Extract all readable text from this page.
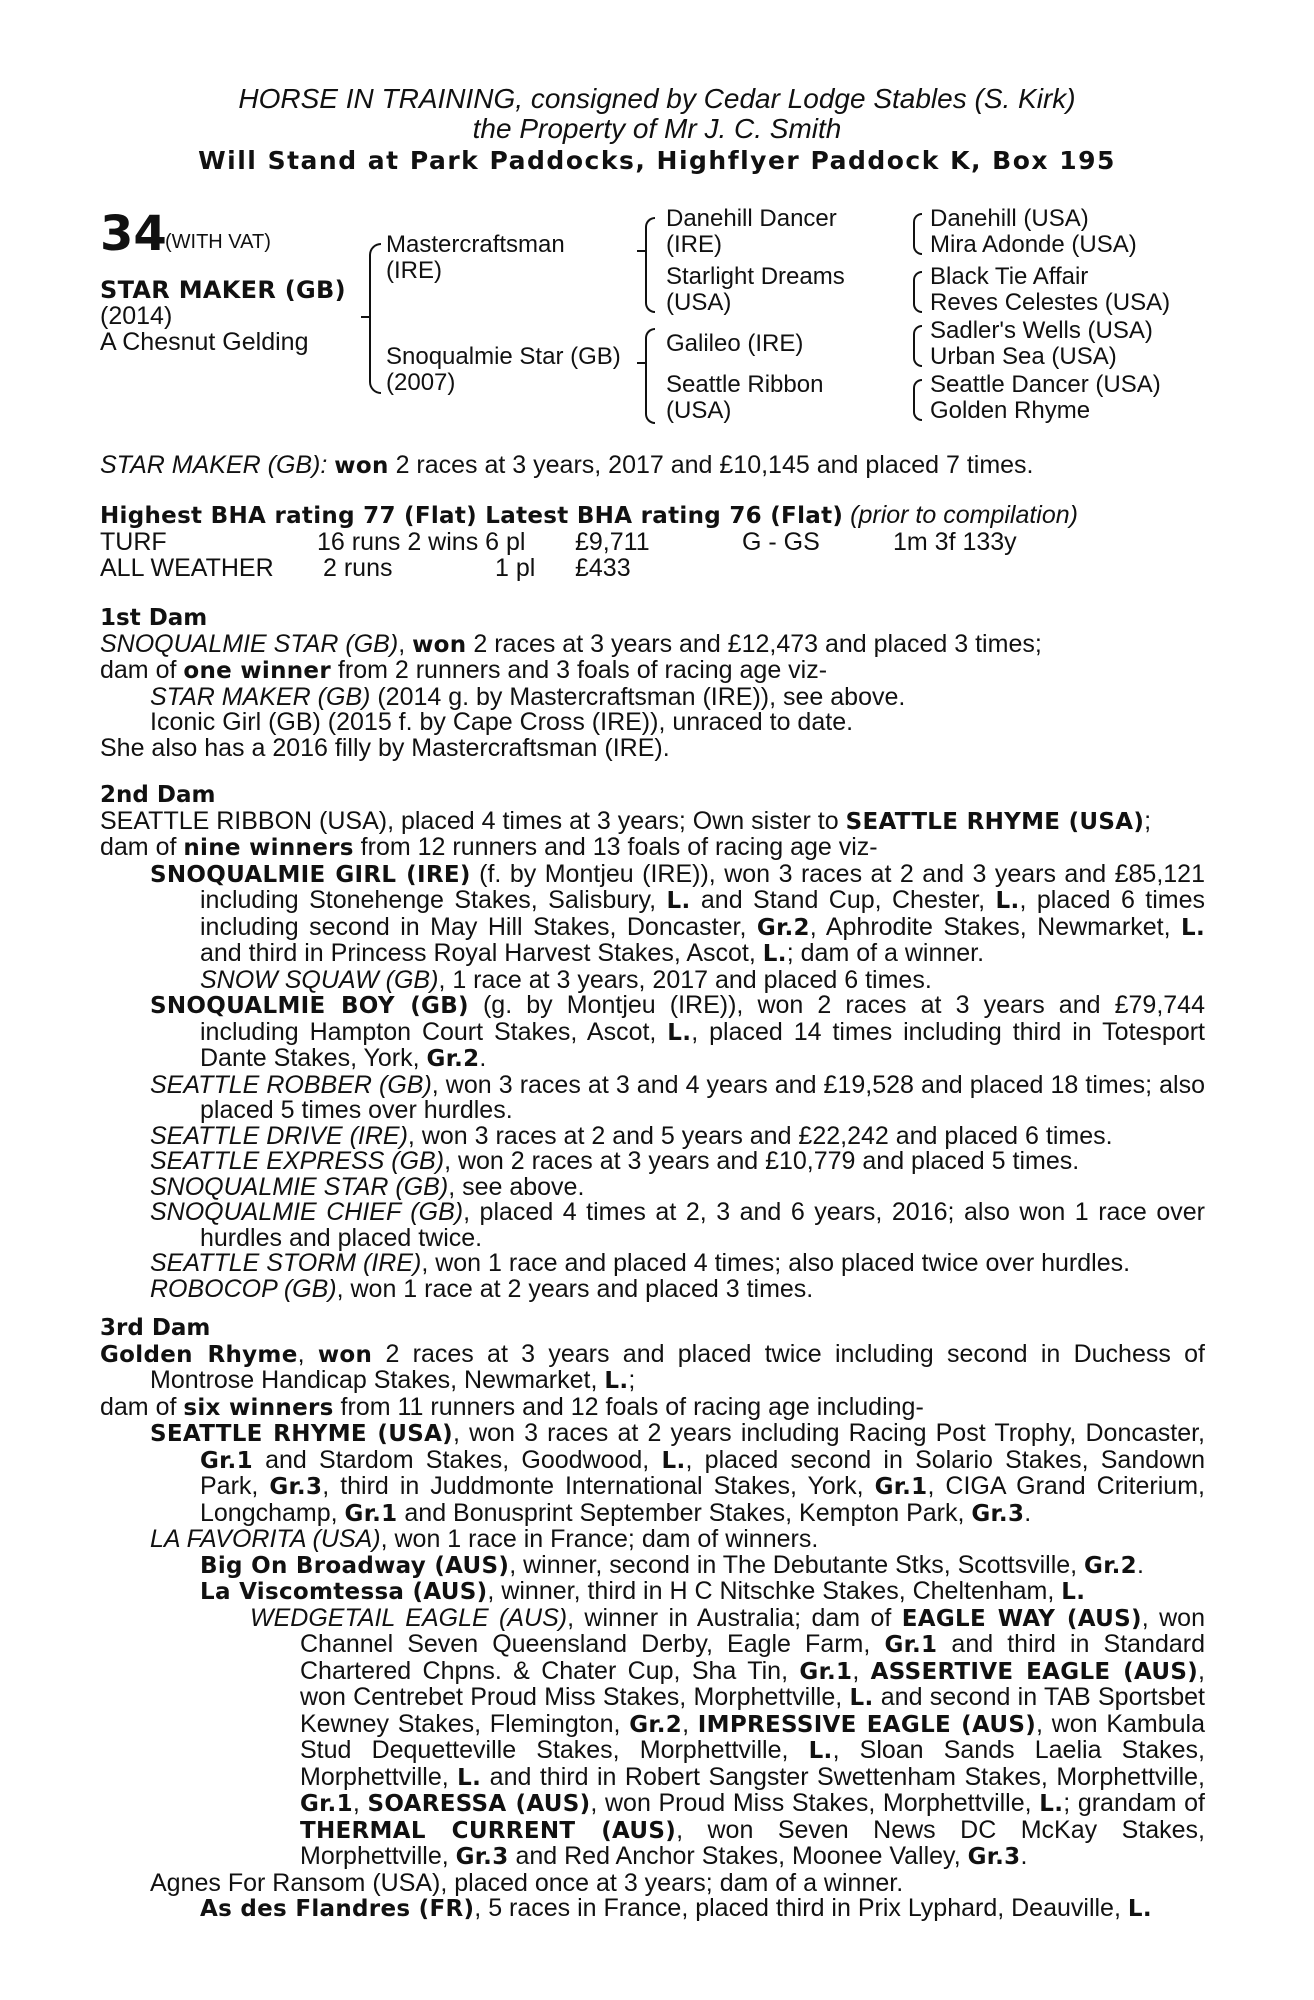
HORSE IN TRAINING, consigned by Cedar Lodge Stables (S. Kirk)
the Property of Mr J. C. Smith
Will Stand at Park Paddocks, Highflyer Paddock K, Box 195
34
(WITH VAT)
STAR MAKER (GB)
(2014)
A Chesnut Gelding
Mastercraftsman
(IRE)
Snoqualmie Star (GB)
(2007)
Danehill Dancer
(IRE)
Starlight Dreams
(USA)
Galileo (IRE)
Seattle Ribbon
(USA)
Danehill (USA)
Mira Adonde (USA)
Black Tie Affair
Reves Celestes (USA)
Sadler's Wells (USA)
Urban Sea (USA)
Seattle Dancer (USA)
Golden Rhyme
STAR MAKER (GB): won 2 races at 3 years, 2017 and £10,145 and placed 7 times.
Highest BHA rating 77 (Flat) Latest BHA rating 76 (Flat) (prior to compilation)
TURF	16 runs 2 wins 6 pl £9,711	G - GS	1m 3f 133y
ALL WEATHER 2 runs	1 pl £433

1st Dam

SNOQUALMIE STAR (GB), won 2 races at 3 years and £12,473 and placed 3 times;

dam of one winner from 2 runners and 3 foals of racing age viz-

STAR MAKER (GB) (2014 g. by Mastercraftsman (IRE)), see above.

Iconic Girl (GB) (2015 f. by Cape Cross (IRE)), unraced to date.

She also has a 2016 filly by Mastercraftsman (IRE).

2nd Dam

SEATTLE RIBBON (USA), placed 4 times at 3 years; Own sister to SEATTLE RHYME (USA);

dam of nine winners from 12 runners and 13 foals of racing age viz-

SNOQUALMIE GIRL (IRE) (f. by Montjeu (IRE)), won 3 races at 2 and 3 years and £85,121 including Stonehenge Stakes, Salisbury, L. and Stand Cup, Chester, L., placed 6 times including second in May Hill Stakes, Doncaster, Gr.2, Aphrodite Stakes, Newmarket, L. and third in Princess Royal Harvest Stakes, Ascot, L.; dam of a winner.

SNOW SQUAW (GB), 1 race at 3 years, 2017 and placed 6 times.

SNOQUALMIE BOY (GB) (g. by Montjeu (IRE)), won 2 races at 3 years and £79,744 including Hampton Court Stakes, Ascot, L., placed 14 times including third in Totesport Dante Stakes, York, Gr.2.

SEATTLE ROBBER (GB), won 3 races at 3 and 4 years and £19,528 and placed 18 times; also placed 5 times over hurdles.

SEATTLE DRIVE (IRE), won 3 races at 2 and 5 years and £22,242 and placed 6 times.

SEATTLE EXPRESS (GB), won 2 races at 3 years and £10,779 and placed 5 times.

SNOQUALMIE STAR (GB), see above.

SNOQUALMIE CHIEF (GB), placed 4 times at 2, 3 and 6 years, 2016; also won 1 race over hurdles and placed twice.

SEATTLE STORM (IRE), won 1 race and placed 4 times; also placed twice over hurdles.

ROBOCOP (GB), won 1 race at 2 years and placed 3 times.

3rd Dam

Golden Rhyme, won 2 races at 3 years and placed twice including second in Duchess of Montrose Handicap Stakes, Newmarket, L.;

dam of six winners from 11 runners and 12 foals of racing age including-

SEATTLE RHYME (USA), won 3 races at 2 years including Racing Post Trophy, Doncaster, Gr.1 and Stardom Stakes, Goodwood, L., placed second in Solario Stakes, Sandown Park, Gr.3, third in Juddmonte International Stakes, York, Gr.1, CIGA Grand Criterium, Longchamp, Gr.1 and Bonusprint September Stakes, Kempton Park, Gr.3.

LA FAVORITA (USA), won 1 race in France; dam of winners.

Big On Broadway (AUS), winner, second in The Debutante Stks, Scottsville, Gr.2.

La Viscomtessa (AUS), winner, third in H C Nitschke Stakes, Cheltenham, L.

WEDGETAIL EAGLE (AUS), winner in Australia; dam of EAGLE WAY (AUS), won Channel Seven Queensland Derby, Eagle Farm, Gr.1 and third in Standard Chartered Chpns. & Chater Cup, Sha Tin, Gr.1, ASSERTIVE EAGLE (AUS), won Centrebet Proud Miss Stakes, Morphettville, L. and second in TAB Sportsbet Kewney Stakes, Flemington, Gr.2, IMPRESSIVE EAGLE (AUS), won Kambula Stud Dequetteville Stakes, Morphettville, L., Sloan Sands Laelia Stakes, Morphettville, L. and third in Robert Sangster Swettenham Stakes, Morphettville, Gr.1, SOARESSA (AUS), won Proud Miss Stakes, Morphettville, L.; grandam of THERMAL CURRENT (AUS), won Seven News DC McKay Stakes, Morphettville, Gr.3 and Red Anchor Stakes, Moonee Valley, Gr.3.

Agnes For Ransom (USA), placed once at 3 years; dam of a winner.

As des Flandres (FR), 5 races in France, placed third in Prix Lyphard, Deauville, L.
